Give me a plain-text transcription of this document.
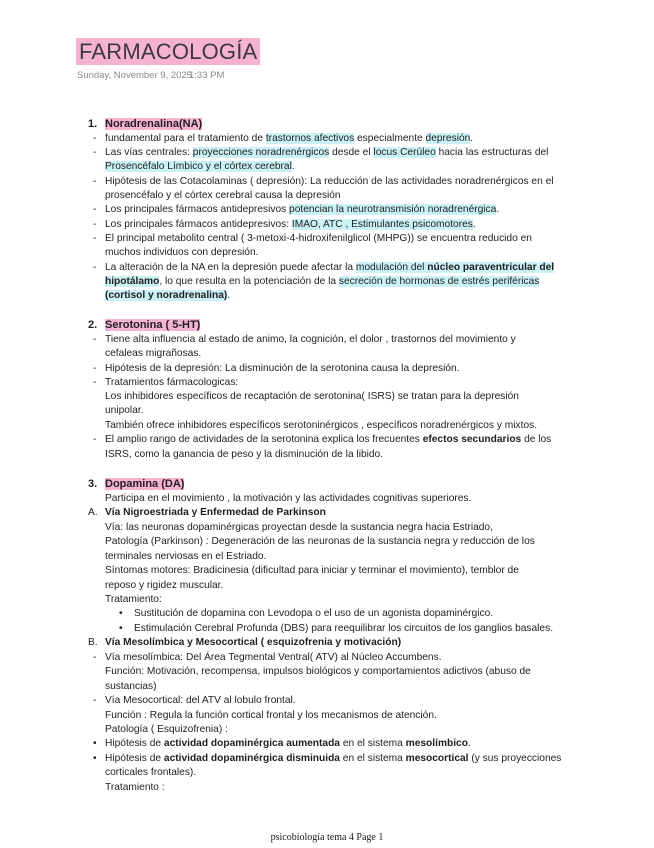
FARMACOLOGÍA
Sunday, November 9, 2025
1:33 PM
1. Noradrenalina(NA)
- fundamental para el tratamiento de trastornos afectivos especialmente depresión.
- Las vías centrales: proyecciones noradrenérgicos desde el locus Cerúleo hacia las estructuras del
Prosencéfalo Límbico y el córtex cerebral.
- Hipótesis de las Cotacolaminas ( depresión): La reducción de las actividades noradrenérgicos en el
prosencéfalo y el córtex cerebral causa la depresión
- Los principales fármacos antidepresivos potencian la neurotransmisión noradrenérgica.
- Los principales fármacos antidepresivos: IMAO, ATC , Estimulantes psicomotores.
- El principal metabolito central ( 3-metoxi-4-hidroxifenilglicol (MHPG)) se encuentra reducido en
muchos individuos con depresión.
- La alteración de la NA en la depresión puede afectar la modulación del núcleo paraventricular del
hipotálamo, lo que resulta en la potenciación de la secreción de hormonas de estrés periféricas
(cortisol y noradrenalina).
2. Serotonina ( 5-HT)
- Tiene alta influencia al estado de animo, la cognición, el dolor , trastornos del movimiento y
cefaleas migrañosas.
- Hipótesis de la depresión: La disminución de la serotonina causa la depresión.
- Tratamientos fármacologicas:
Los inhibidores específicos de recaptación de serotonina( ISRS) se tratan para la depresión
unipolar.
También ofrece inhibidores específicos serotoninérgicos , específicos noradrenérgicos y mixtos.
- El amplio rango de actividades de la serotonina explica los frecuentes efectos secundarios de los
ISRS, como la ganancia de peso y la disminución de la libido.
3. Dopamina (DA)
Participa en el movimiento , la motivación y las actividades cognitivas superiores.
A. Vía Nigroestriada y Enfermedad de Parkinson
Vía: las neuronas dopaminérgicas proyectan desde la sustancia negra hacia Estriado,
Patología (Parkinson) : Degeneración de las neuronas de la sustancia negra y reducción de los
terminales nerviosas en el Estriado.
Síntomas motores: Bradicinesia (dificultad para iniciar y terminar el movimiento), temblor de
reposo y rigidez muscular.
Tratamiento:
• Sustitución de dopamina con Levodopa o el uso de un agonista dopaminérgico.
• Estimulación Cerebral Profunda (DBS) para reequilibrar los circuitos de los ganglios basales.
B. Vía Mesolímbica y Mesocortical ( esquizofrenia y motivación)
- Vía mesolímbica: Del Área Tegmental Ventral( ATV) al Núcleo Accumbens.
Función: Motivación, recompensa, impulsos biológicos y comportamientos adictivos (abuso de
sustancias)
- Vía Mesocortical: del ATV al lobulo frontal.
Función : Regula la función cortical frontal y los mecanismos de atención.
Patología ( Esquizofrenia) :
• Hipótesis de actividad dopaminérgica aumentada en el sistema mesolímbico.
• Hipótesis de actividad dopaminérgica disminuida en el sistema mesocortical (y sus proyecciones
corticales frontales).
Tratamiento :
psicobiología tema 4 Page 1
